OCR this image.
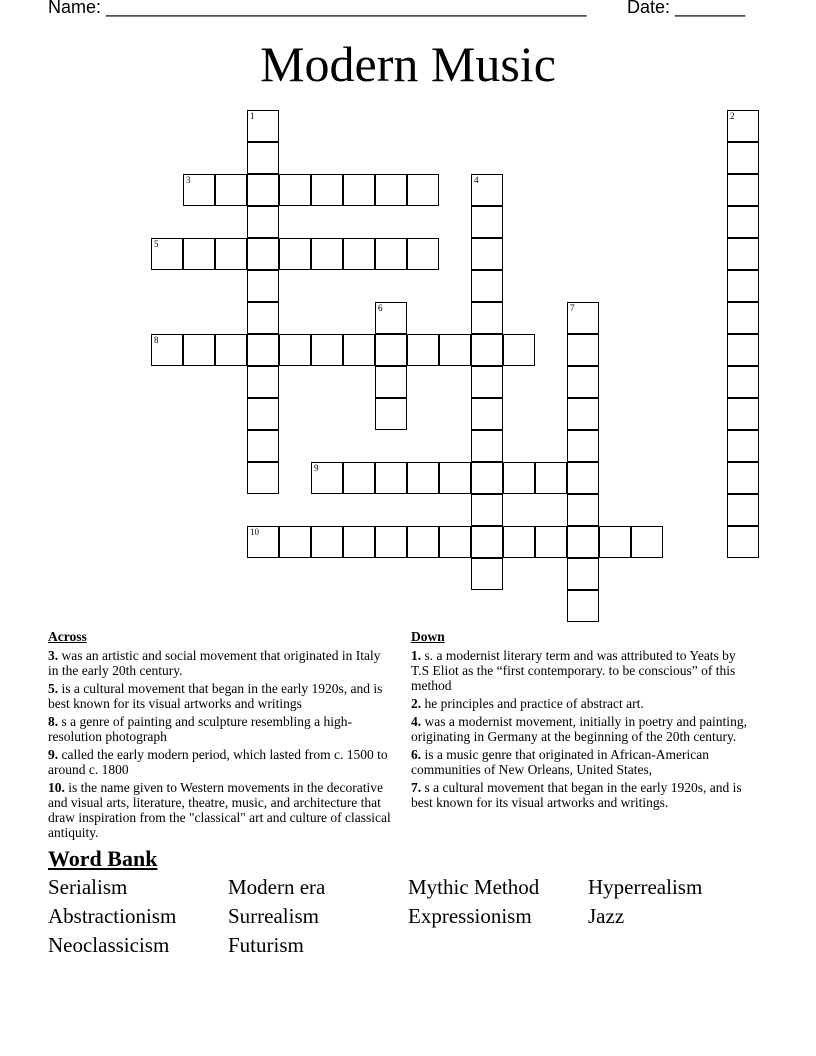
Name: ________________________________________________ Date: _______
Modern Music
1	2
3	4
5
6	7
8
9
10
Across
3. was an artistic and social movement that originated in Italy in the early 20th century.
5. is a cultural movement that began in the early 1920s, and is best known for its visual artworks and writings
8. s a genre of painting and sculpture resembling a high-resolution photograph
9. called the early modern period, which lasted from c. 1500 to around c. 1800
10. is the name given to Western movements in the decorative and visual arts, literature, theatre, music, and architecture that draw inspiration from the "classical" art and culture of classical antiquity.
Down
1. s. a modernist literary term and was attributed to Yeats by T.S Eliot as the “first contemporary. to be conscious” of this method
2. he principles and practice of abstract art.
4. was a modernist movement, initially in poetry and painting, originating in Germany at the beginning of the 20th century.
6. is a music genre that originated in African-American communities of New Orleans, United States,
7. s a cultural movement that began in the early 1920s, and is best known for its visual artworks and writings.
Word Bank
Serialism	Modern era	Mythic Method	Hyperrealism
Abstractionism	Surrealism	Expressionism	Jazz
Neoclassicism	Futurism
